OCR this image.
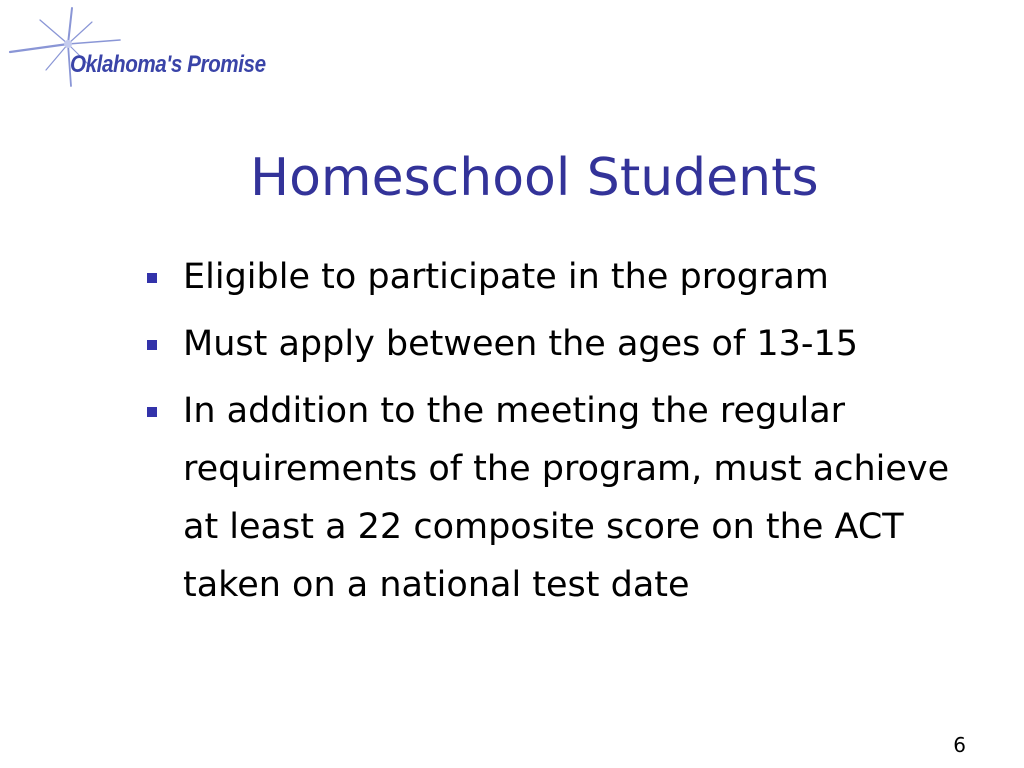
Oklahoma's Promise
Homeschool Students
Eligible to participate in the program
Must apply between the ages of 13-15
In addition to the meeting the regular requirements of the program, must achieve at least a 22 composite score on the ACT taken on a national test date
6
